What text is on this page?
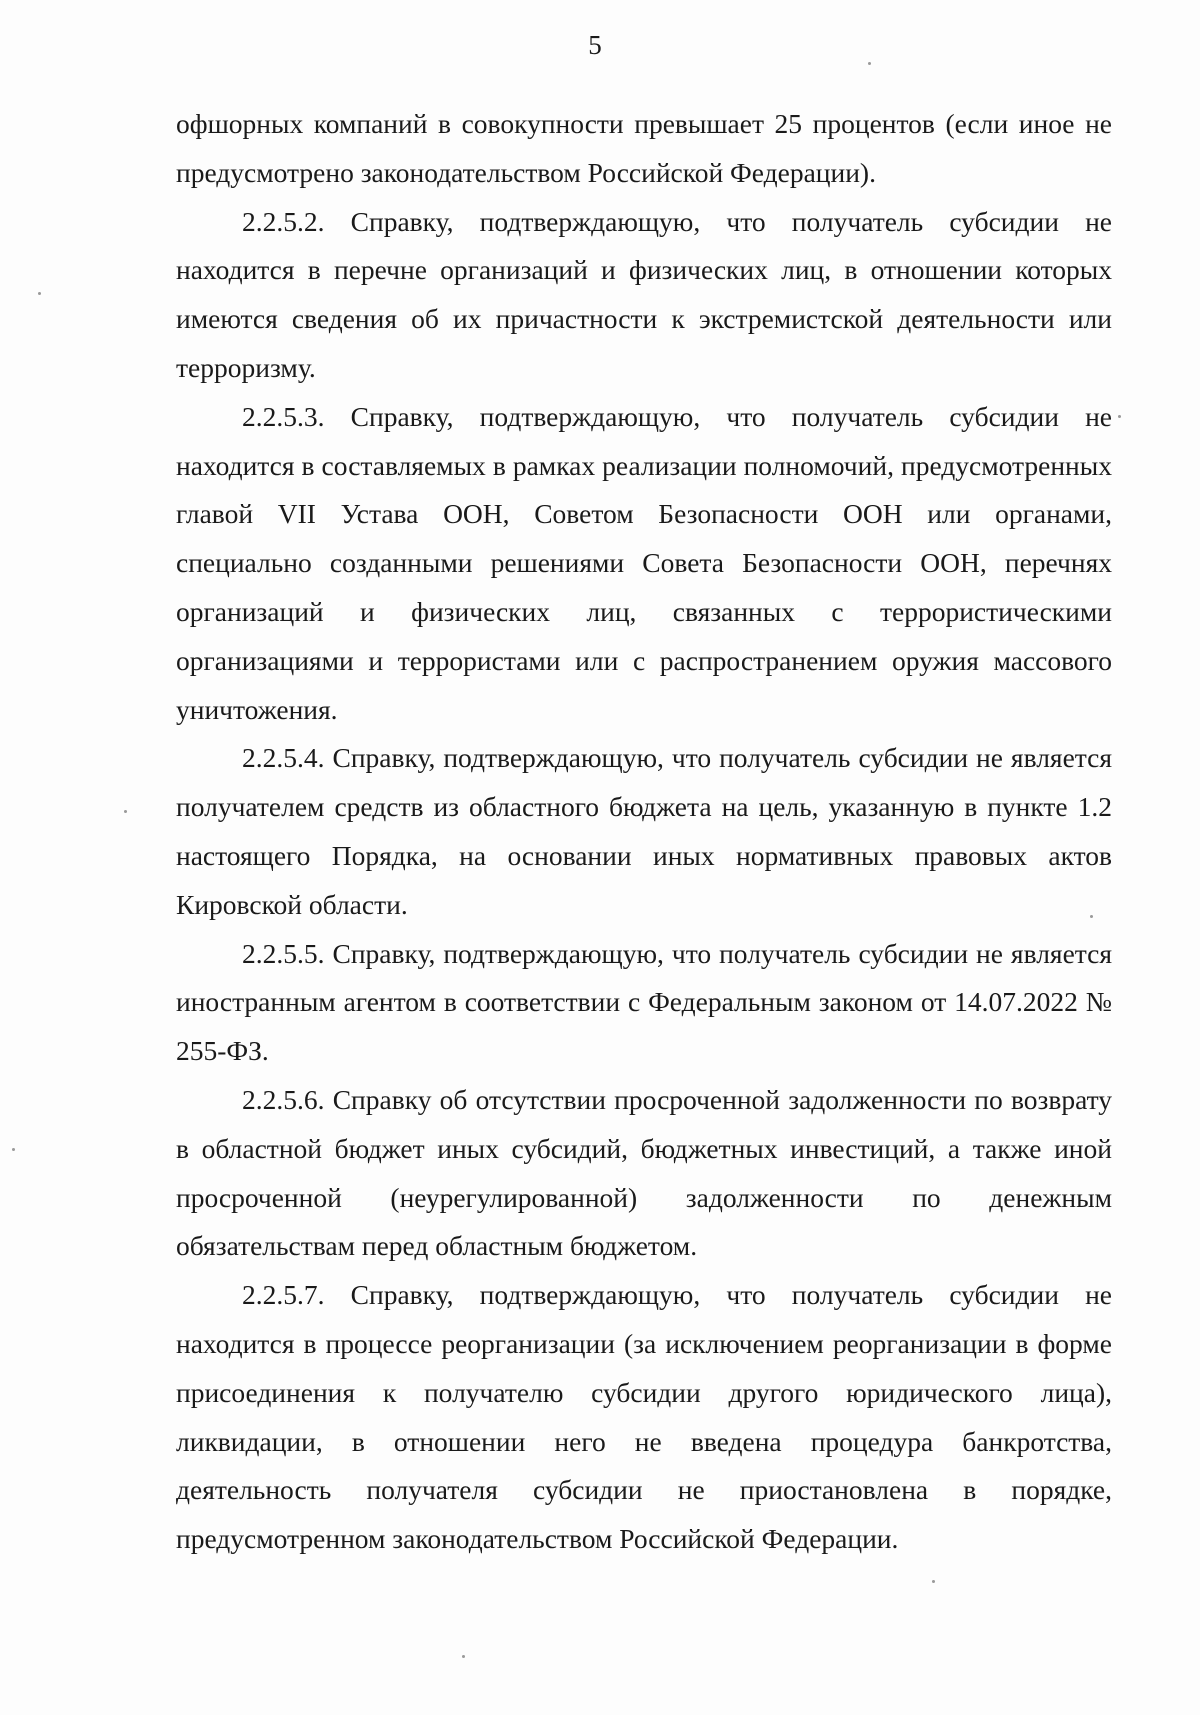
5

офшорных компаний в совокупности превышает 25 процентов (если иное не предусмотрено законодательством Российской Федерации).

2.2.5.2. Справку, подтверждающую, что получатель субсидии не находится в перечне организаций и физических лиц, в отношении которых имеются сведения об их причастности к экстремистской деятельности или терроризму.

2.2.5.3. Справку, подтверждающую, что получатель субсидии не находится в составляемых в рамках реализации полномочий, предусмотренных главой VII Устава ООН, Советом Безопасности ООН или органами, специально созданными решениями Совета Безопасности ООН, перечнях организаций и физических лиц, связанных с террористическими организациями и террористами или с распространением оружия массового уничтожения.

2.2.5.4. Справку, подтверждающую, что получатель субсидии не является получателем средств из областного бюджета на цель, указанную в пункте 1.2 настоящего Порядка, на основании иных нормативных правовых актов Кировской области.

2.2.5.5. Справку, подтверждающую, что получатель субсидии не является иностранным агентом в соответствии с Федеральным законом от 14.07.2022 № 255-ФЗ.

2.2.5.6. Справку об отсутствии просроченной задолженности по возврату в областной бюджет иных субсидий, бюджетных инвестиций, а также иной просроченной (неурегулированной) задолженности по денежным обязательствам перед областным бюджетом.

2.2.5.7. Справку, подтверждающую, что получатель субсидии не находится в процессе реорганизации (за исключением реорганизации в форме присоединения к получателю субсидии другого юридического лица), ликвидации, в отношении него не введена процедура банкротства, деятельность получателя субсидии не приостановлена в порядке, предусмотренном законодательством Российской Федерации.
